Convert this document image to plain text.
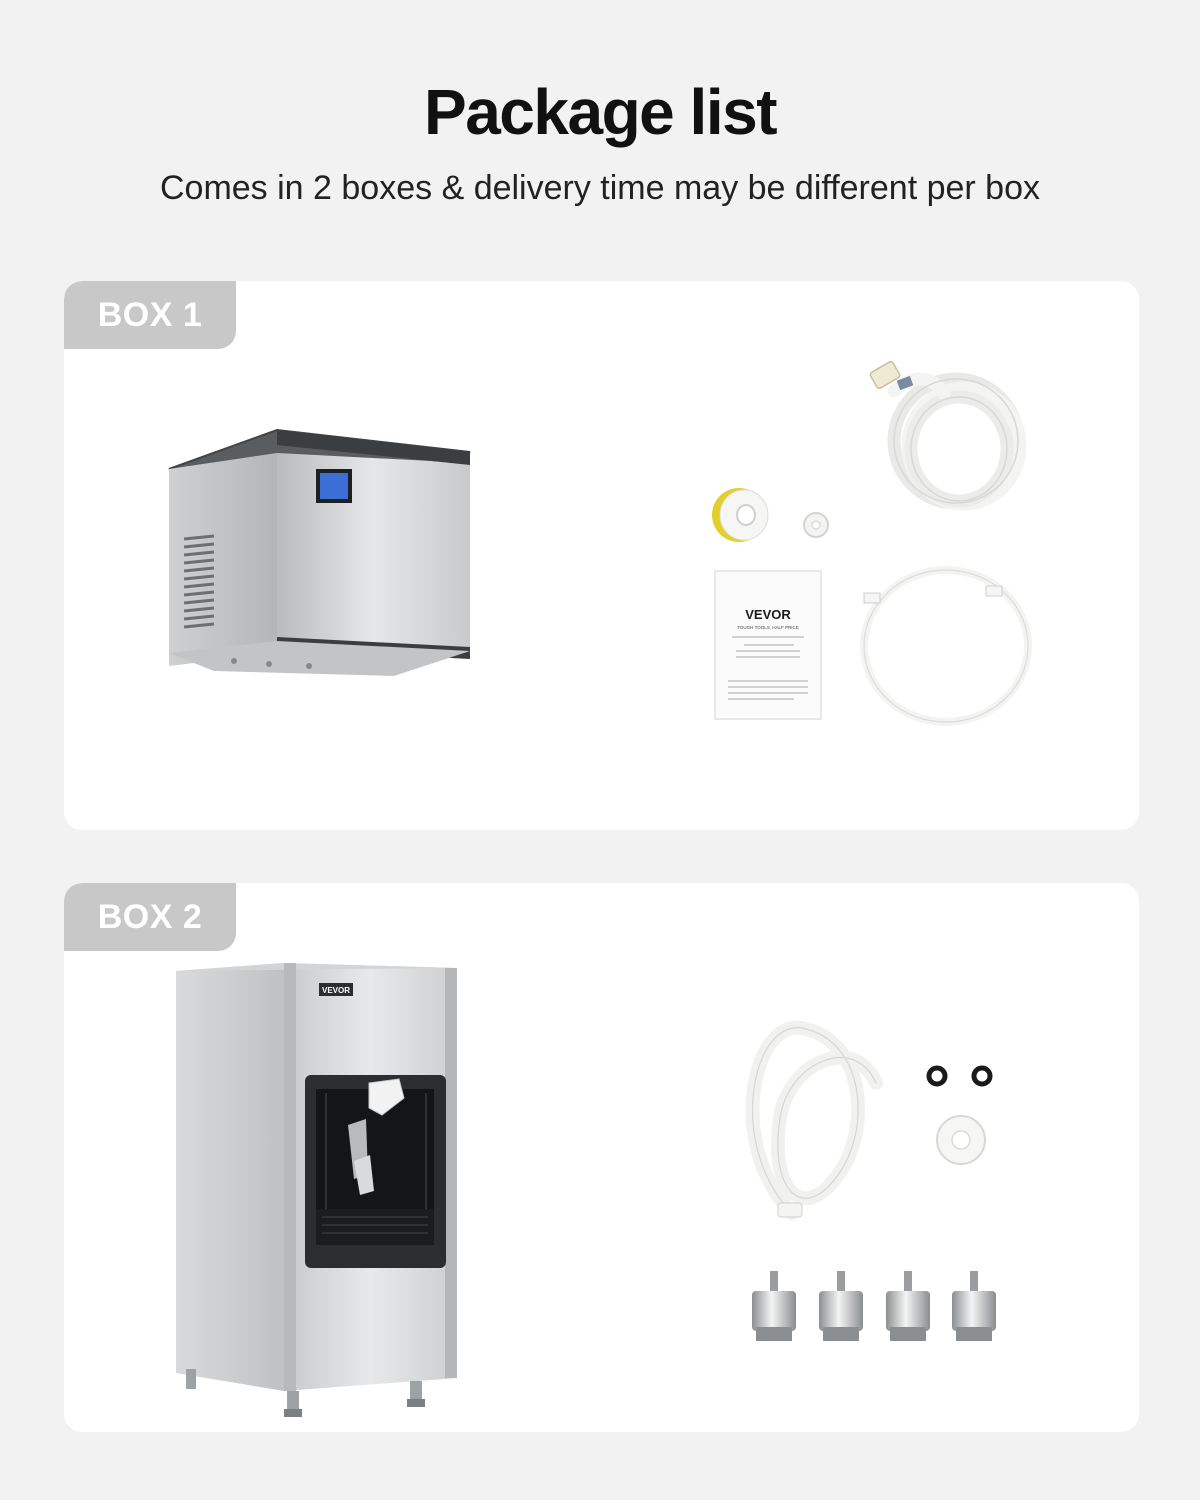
Package list
Comes in 2 boxes & delivery time may be different per box
BOX 1
VEVOR
TOUGH TOOLS, HALF PRICE
BOX 2
VEVOR
